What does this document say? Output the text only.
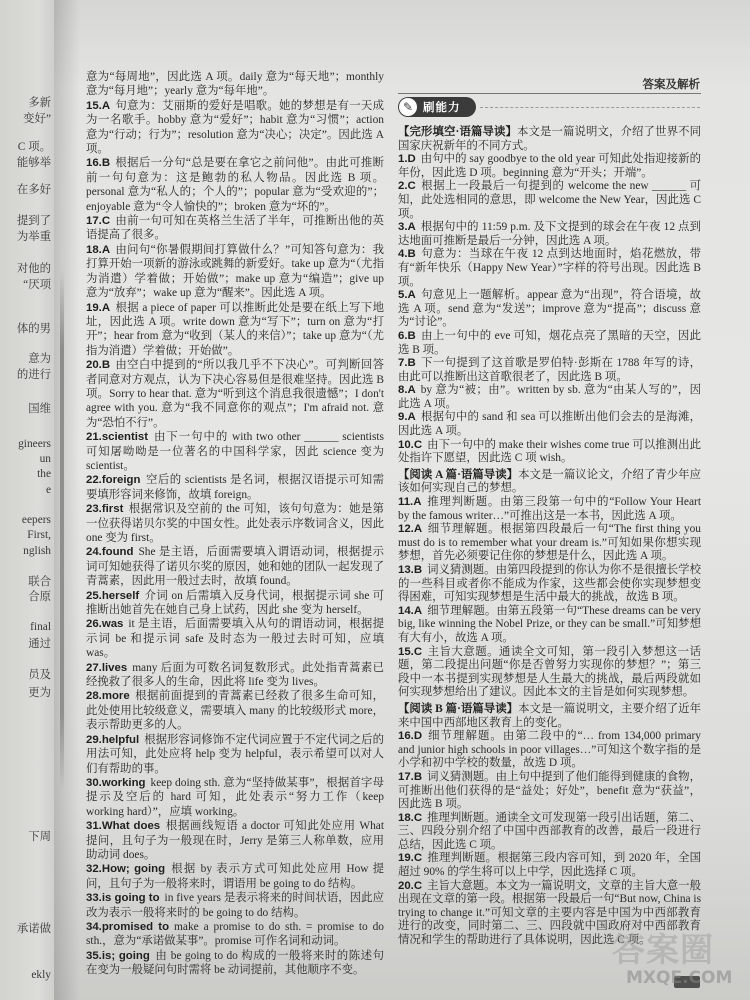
多新
变好”
C 项。
能够举
在多好
提到了
为举重
对他的
“厌项
体的男
意为
的进行
国维
gineers
un
the
e
eepers
First,
nglish
联合
合原
final
通过
员及
更为
下周
承诺做
ekly
答案及解析
✎ 刷能力

意为“每周地”，因此选 A 项。daily 意为“每天地”；monthly 意为“每月地”；yearly 意为“每年地”。

15.A 句意为：艾丽斯的爱好是唱歌。她的梦想是有一天成为一名歌手。hobby 意为“爱好”；habit 意为“习惯”；action 意为“行动；行为”；resolution 意为“决心；决定”。因此选 A 项。

16.B 根据后一分句“总是要在拿它之前问他”。由此可推断前一句句意为：这是鲍勃的私人物品。因此选 B 项。personal 意为“私人的；个人的”；popular 意为“受欢迎的”；enjoyable 意为“令人愉快的”；broken 意为“坏的”。

17.C 由前一句可知在英格兰生活了半年，可推断出他的英语提高了很多。

18.A 由问句“你暑假期间打算做什么？”可知答句意为：我打算开始一项新的游泳或跳舞的新爱好。take up 意为“（尤指为消遣）学着做；开始做”；make up 意为“编造”；give up 意为“放弃”；wake up 意为“醒来”。因此选 A 项。

19.A 根据 a piece of paper 可以推断此处是要在纸上写下地址，因此选 A 项。write down 意为“写下”；turn on 意为“打开”；hear from 意为“收到（某人的来信）”；take up 意为“（尤指为消遣）学着做；开始做”。

20.B 由空白中提到的“所以我几乎不下决心”。可判断回答者同意对方观点，认为下决心容易但是很难坚持。因此选 B 项。Sorry to hear that. 意为“听到这个消息我很遗憾”；I don't agree with you. 意为“我不同意你的观点”；I'm afraid not. 意为“恐怕不行”。

21.scientist 由下一句中的 with two other ______ scientists 可知屠呦呦是一位著名的中国科学家，因此 science 变为 scientist。

22.foreign 空后的 scientists 是名词，根据汉语提示可知需要填形容词来修饰，故填 foreign。

23.first 根据常识及空前的 the 可知，该句句意为：她是第一位获得诺贝尔奖的中国女性。此处表示序数词含义，因此 one 变为 first。

24.found She 是主语，后面需要填入谓语动词，根据提示词可知她获得了诺贝尔奖的原因，她和她的团队一起发现了青蒿素，因此用一般过去时，故填 found。

25.herself 介词 on 后需填入反身代词，根据提示词 she 可推断出她首先在她自己身上试药，因此 she 变为 herself。

26.was it 是主语，后面需要填入从句的谓语动词，根据提示词 be 和提示词 safe 及时态为一般过去时可知，应填 was。

27.lives many 后面为可数名词复数形式。此处指青蒿素已经挽救了很多人的生命，因此将 life 变为 lives。

28.more 根据前面提到的青蒿素已经救了很多生命可知，此处使用比较级意义，需要填入 many 的比较级形式 more，表示帮助更多的人。

29.helpful 根据形容词修饰不定代词应置于不定代词之后的用法可知，此处应将 help 变为 helpful，表示希望可以对人们有帮助的事。

30.working keep doing sth. 意为“坚持做某事”，根据首字母提示及空后的 hard 可知，此处表示“努力工作（keep working hard）”，应填 working。

31.What does 根据画线短语 a doctor 可知此处应用 What 提问，且句子为一般现在时，Jerry 是第三人称单数，应用助动词 does。

32.How; going 根据 by 表示方式可知此处应用 How 提问，且句子为一般将来时，谓语用 be going to do 结构。

33.is going to in five years 是表示将来的时间状语，因此应改为表示一般将来时的 be going to do 结构。

34.promised to make a promise to do sth. = promise to do sth.，意为“承诺做某事”。promise 可作名词和动词。

35.is; going 由 be going to do 构成的一般将来时的陈述句在变为一般疑问句时需将 be 动词提前，其他顺序不变。

【完形填空·语篇导读】本文是一篇说明文，介绍了世界不同国家庆祝新年的不同方式。

1.D 由句中的 say goodbye to the old year 可知此处指迎接新的年份，因此选 D 项。beginning 意为“开头；开端”。

2.C 根据上一段最后一句提到的 welcome the new ______ 可知，此处选相同的意思，即 welcome the New Year，因此选 C 项。

3.A 根据句中的 11:59 p.m. 及下文提到的球会在午夜 12 点到达地面可推断是最后一分钟，因此选 A 项。

4.B 句意为：当球在午夜 12 点到达地面时，焰花燃放，带有“新年快乐（Happy New Year）”字样的符号出现。因此选 B 项。

5.A 句意见上一题解析。appear 意为“出现”，符合语境，故选 A 项。send 意为“发送”；improve 意为“提高”；discuss 意为“讨论”。

6.B 由上一句中的 eve 可知，烟花点亮了黑暗的天空，因此选 B 项。

7.B 下一句提到了这首歌是罗伯特·彭斯在 1788 年写的诗，由此可以推断出这首歌很老了，因此选 B 项。

8.A by 意为“被；由”。written by sb. 意为“由某人写的”，因此选 A 项。

9.A 根据句中的 sand 和 sea 可以推断出他们会去的是海滩，因此选 A 项。

10.C 由下一句中的 make their wishes come true 可以推测出此处指许下愿望，因此选 C 项 wish。

【阅读 A 篇·语篇导读】本文是一篇议论文，介绍了青少年应该如何实现自己的梦想。

11.A 推理判断题。由第三段第一句中的“Follow Your Heart by the famous writer…”可推出这是一本书，因此选 A 项。

12.A 细节理解题。根据第四段最后一句“The first thing you must do is to remember what your dream is.”可知如果你想实现梦想，首先必须要记住你的梦想是什么，因此选 A 项。

13.B 词义猜测题。由第四段提到的你认为你不是很擅长学校的一些科目或者你不能成为作家，这些都会使你实现梦想变得困难，可知实现梦想是生活中最大的挑战，故选 B 项。

14.A 细节理解题。由第五段第一句“These dreams can be very big, like winning the Nobel Prize, or they can be small.”可知梦想有大有小，故选 A 项。

15.C 主旨大意题。通读全文可知，第一段引入梦想这一话题，第二段提出问题“你是否曾努力实现你的梦想？”；第三段中一本书提到实现梦想是人生最大的挑战，最后两段就如何实现梦想给出了建议。因此本文的主旨是如何实现梦想。

【阅读 B 篇·语篇导读】本文是一篇说明文，主要介绍了近年来中国中西部地区教育上的变化。

16.D 细节理解题。由第二段中的“… from 134,000 primary and junior high schools in poor villages…”可知这个数字指的是小学和初中学校的数量，故选 D 项。

17.B 词义猜测题。由上句中提到了他们能得到健康的食物，可推断出他们获得的是“益处；好处”，benefit 意为“获益”，因此选 B 项。

18.C 推理判断题。通读全文可发现第一段引出话题，第二、三、四段分别介绍了中国中西部教育的改善，最后一段进行总结，因此选 C 项。

19.C 推理判断题。根据第三段内容可知，到 2020 年，全国超过 90% 的学生将可以上中学，因此选择 C 项。

20.C 主旨大意题。本文为一篇说明文，文章的主旨大意一般出现在文章的第一段。根据第一段最后一句“But now, China is trying to change it.”可知文章的主要内容是中国为中西部教育进行的改变，同时第二、三、四段就中国政府对中西部教育情况和学生的帮助进行了具体说明，因此选 C 项。

答案圈
MXQE.COM
